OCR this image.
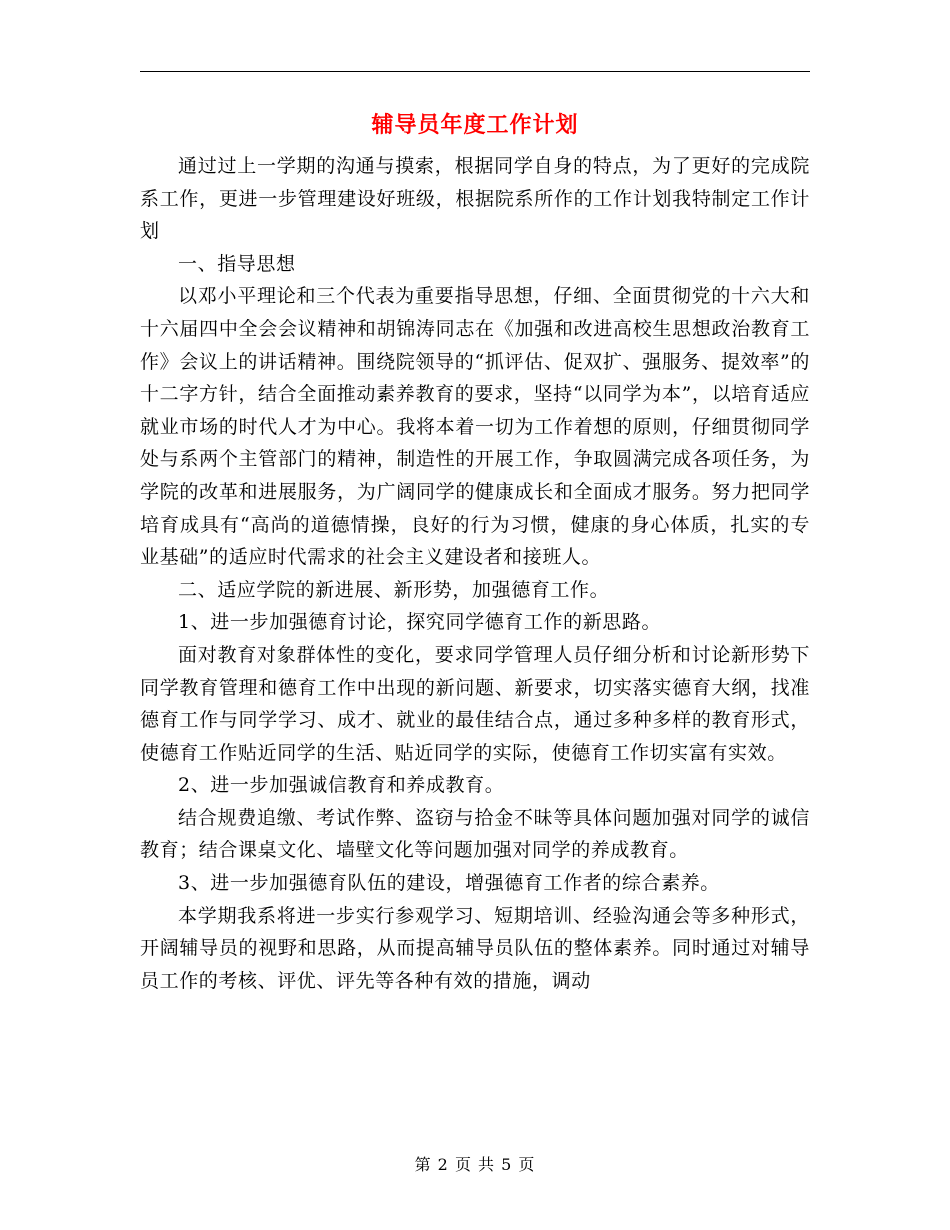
辅导员年度工作计划

通过过上一学期的沟通与摸索，根据同学自身的特点，为了更好的完成院系工作，更进一步管理建设好班级，根据院系所作的工作计划我特制定工作计划

一、指导思想

以邓小平理论和三个代表为重要指导思想，仔细、全面贯彻党的十六大和十六届四中全会会议精神和胡锦涛同志在《加强和改进高校生思想政治教育工作》会议上的讲话精神。围绕院领导的“抓评估、促双扩、强服务、提效率”的十二字方针，结合全面推动素养教育的要求，坚持“以同学为本”，以培育适应就业市场的时代人才为中心。我将本着一切为工作着想的原则，仔细贯彻同学处与系两个主管部门的精神，制造性的开展工作，争取圆满完成各项任务，为学院的改革和进展服务，为广阔同学的健康成长和全面成才服务。努力把同学培育成具有“高尚的道德情操，良好的行为习惯，健康的身心体质，扎实的专业基础”的适应时代需求的社会主义建设者和接班人。

二、适应学院的新进展、新形势，加强德育工作。

1、进一步加强德育讨论，探究同学德育工作的新思路。

面对教育对象群体性的变化，要求同学管理人员仔细分析和讨论新形势下同学教育管理和德育工作中出现的新问题、新要求，切实落实德育大纲，找准德育工作与同学学习、成才、就业的最佳结合点，通过多种多样的教育形式，使德育工作贴近同学的生活、贴近同学的实际，使德育工作切实富有实效。

2、进一步加强诚信教育和养成教育。

结合规费追缴、考试作弊、盗窃与拾金不昧等具体问题加强对同学的诚信教育；结合课桌文化、墙壁文化等问题加强对同学的养成教育。

3、进一步加强德育队伍的建设，增强德育工作者的综合素养。

本学期我系将进一步实行参观学习、短期培训、经验沟通会等多种形式，开阔辅导员的视野和思路，从而提高辅导员队伍的整体素养。同时通过对辅导员工作的考核、评优、评先等各种有效的措施，调动

第 2 页 共 5 页
